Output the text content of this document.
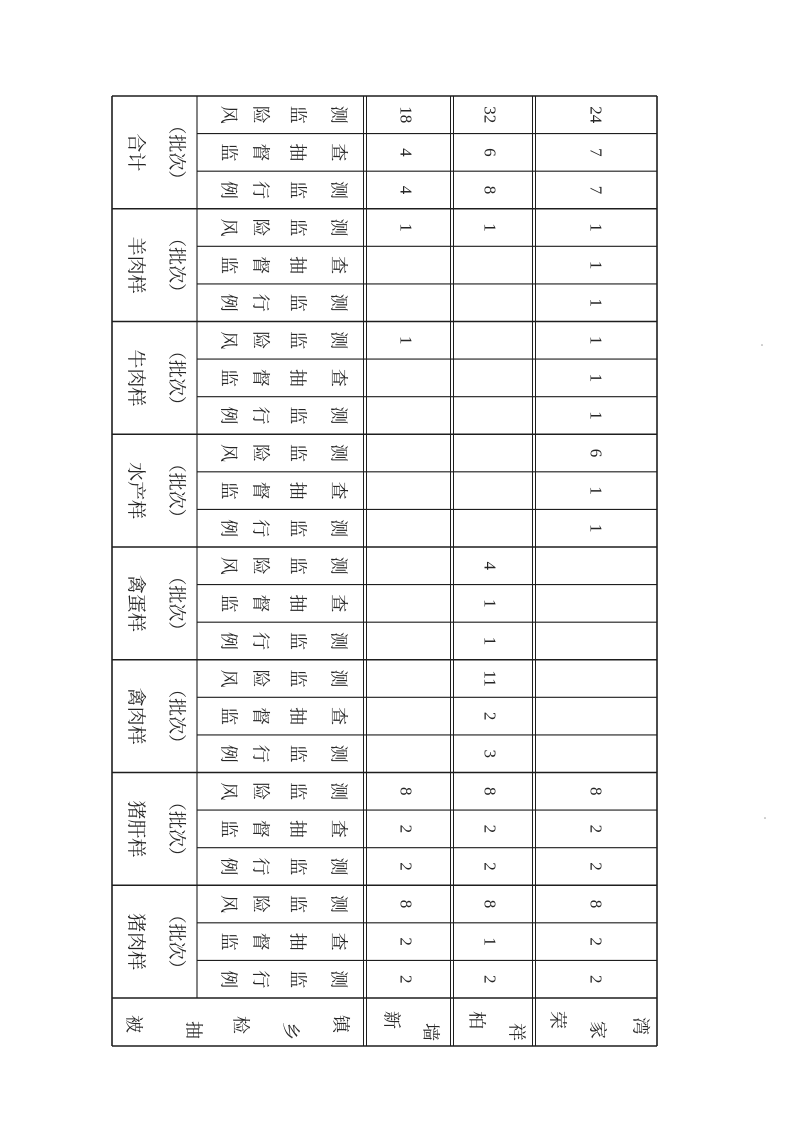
合计 （批次）
羊肉样 （批次）
牛肉样 （批次）
水产样 （批次）
禽蛋样 （批次）
禽肉样 （批次）
猪肝样 （批次）
猪肉样 （批次）
风 险 监 测
监 督 抽 查
例 行 监 测
风 险 监 测
监 督 抽 查
例 行 监 测
风 险 监 测
监 督 抽 查
例 行 监 测
风 险 监 测
监 督 抽 查
例 行 监 测
风 险 监 测
监 督 抽 查
例 行 监 测
风 险 监 测
监 督 抽 查
例 行 监 测
风 险 监 测
监 督 抽 查
例 行 监 测
风 险 监 测
监 督 抽 查
例 行 监 测
18
4
4
1
1
8
2
2
8
2
2
32
6
8
1
4
1
1
11
2
3
8
2
2
8
1
2
24
7
7
1
1
1
1
1
1
6
1
1
8
2
2
8
2
2
被 抽 检 乡 镇 新
墙
柏
祥
荣
家 湾
